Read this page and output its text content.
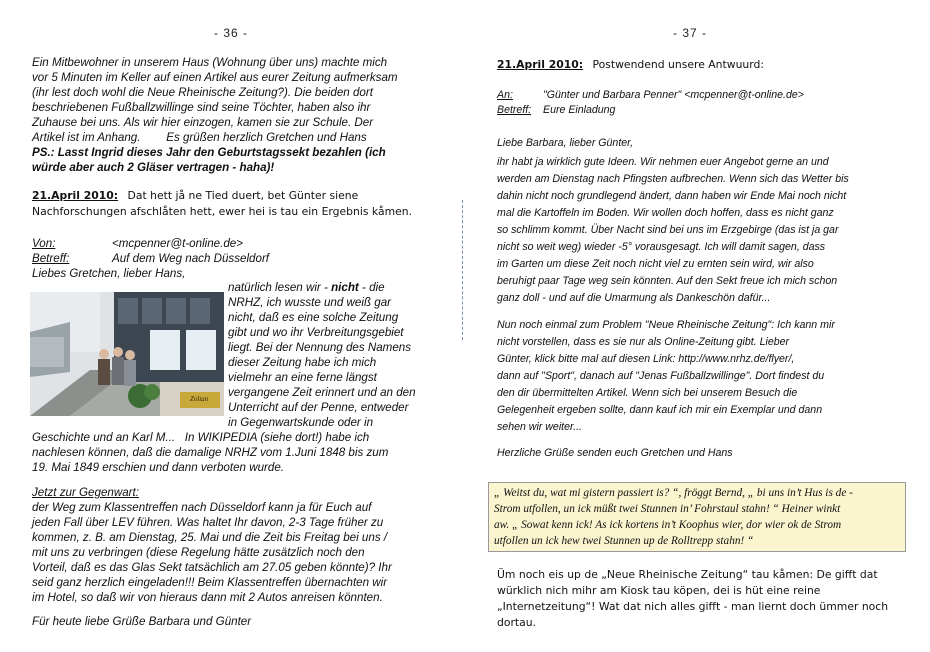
- 36 -
Ein Mitbewohner in unserem Haus (Wohnung über uns) machte mich
vor 5 Minuten im Keller auf einen Artikel aus eurer Zeitung aufmerksam
(ihr lest doch wohl die Neue Rheinische Zeitung?). Die beiden dort
beschriebenen Fußballzwillinge sind seine Töchter, haben also ihr
Zuhause bei uns. Als wir hier einzogen, kamen sie zur Schule. Der
Artikel ist im Anhang.        Es grüßen herzlich Gretchen und Hans
PS.: Lasst Ingrid dieses Jahr den Geburtstagssekt bezahlen (ich
würde aber auch 2 Gläser vertragen - haha)!
21.April 2010: Dat hett jå ne Tied duert, bet Günter siene
Nachforschungen afschlåten hett, ewer hei is tau ein Ergebnis kåmen.
Von:	<mcpenner@t-online.de>
Betreff:	Auf dem Weg nach Düsseldorf
Liebes Gretchen, lieber Hans,
Zoltan
natürlich lesen wir - nicht - die
NRHZ, ich wusste und weiß gar
nicht, daß es eine solche Zeitung
gibt und wo ihr Verbreitungsgebiet
liegt. Bei der Nennung des Namens
dieser Zeitung habe ich mich
vielmehr an eine ferne längst
vergangene Zeit erinnert und an den
Unterricht auf der Penne, entweder
in Gegenwartskunde oder in
Geschichte und an Karl M...   In WIKIPEDIA (siehe dort!) habe ich
nachlesen können, daß die damalige NRHZ vom 1.Juni 1848 bis zum
19. Mai 1849 erschien und dann verboten wurde.
Jetzt zur Gegenwart:
der Weg zum Klassentreffen nach Düsseldorf kann ja für Euch auf
jeden Fall über LEV führen. Was haltet Ihr davon, 2-3 Tage früher zu
kommen, z. B. am Dienstag, 25. Mai und die Zeit bis Freitag bei uns /
mit uns zu verbringen (diese Regelung hätte zusätzlich noch den
Vorteil, daß es das Glas Sekt tatsächlich am 27.05 geben könnte)? Ihr
seid ganz herzlich eingeladen!!! Beim Klassentreffen übernachten wir
im Hotel, so daß wir von hieraus dann mit 2 Autos anreisen könnten.
Für heute liebe Grüße Barbara und Günter
- 37 -
21.April 2010: Postwendend unsere Antwuurd:
An:	"Günter und Barbara Penner" <mcpenner@t-online.de>
Betreff: Eure Einladung
Liebe Barbara, lieber Günter,
ihr habt ja wirklich gute Ideen. Wir nehmen euer Angebot gerne an und
werden am Dienstag nach Pfingsten aufbrechen. Wenn sich das Wetter bis
dahin nicht noch grundlegend ändert, dann haben wir Ende Mai noch nicht
mal die Kartoffeln im Boden. Wir wollen doch hoffen, dass es nicht ganz
so schlimm kommt. Über Nacht sind bei uns im Erzgebirge (das ist ja gar
nicht so weit weg) wieder -5° vorausgesagt. Ich will damit sagen, dass
im Garten um diese Zeit noch nicht viel zu ernten sein wird, wir also
beruhigt paar Tage weg sein könnten. Auf den Sekt freue ich mich schon
ganz doll - und auf die Umarmung als Dankeschön dafür...
Nun noch einmal zum Problem "Neue Rheinische Zeitung": Ich kann mir
nicht vorstellen, dass es sie nur als Online-Zeitung gibt. Lieber
Günter, klick bitte mal auf diesen Link: http://www.nrhz.de/flyer/,
dann auf "Sport", danach auf "Jenas Fußballzwillinge". Dort findest du
den dir übermittelten Artikel. Wenn sich bei unserem Besuch die
Gelegenheit ergeben sollte, dann kauf ich mir ein Exemplar und dann
sehen wir weiter...
Herzliche Grüße senden euch Gretchen und Hans
Üm noch eis up de „Neue Rheinische Zeitung“ tau kåmen: De gifft dat
würklich nich mihr am Kiosk tau köpen, dei is hüt eine reine
„Internetzeitung“! Wat dat nich alles gifft - man liernt doch ümmer noch
dortau.
„ Weitst du, wat mi gistern passiert is? “, fröggt Bernd, „ bi uns in’t Hus is de -
Strom utfollen, un ick müßt twei Stunnen in’ Fohrstaul stahn! “ Heiner winkt
aw. „ Sowat kenn ick! As ick kortens in’t Koophus wier, dor wier ok de Strom
utfollen un ick hew twei Stunnen up de Rolltrepp stahn! “
